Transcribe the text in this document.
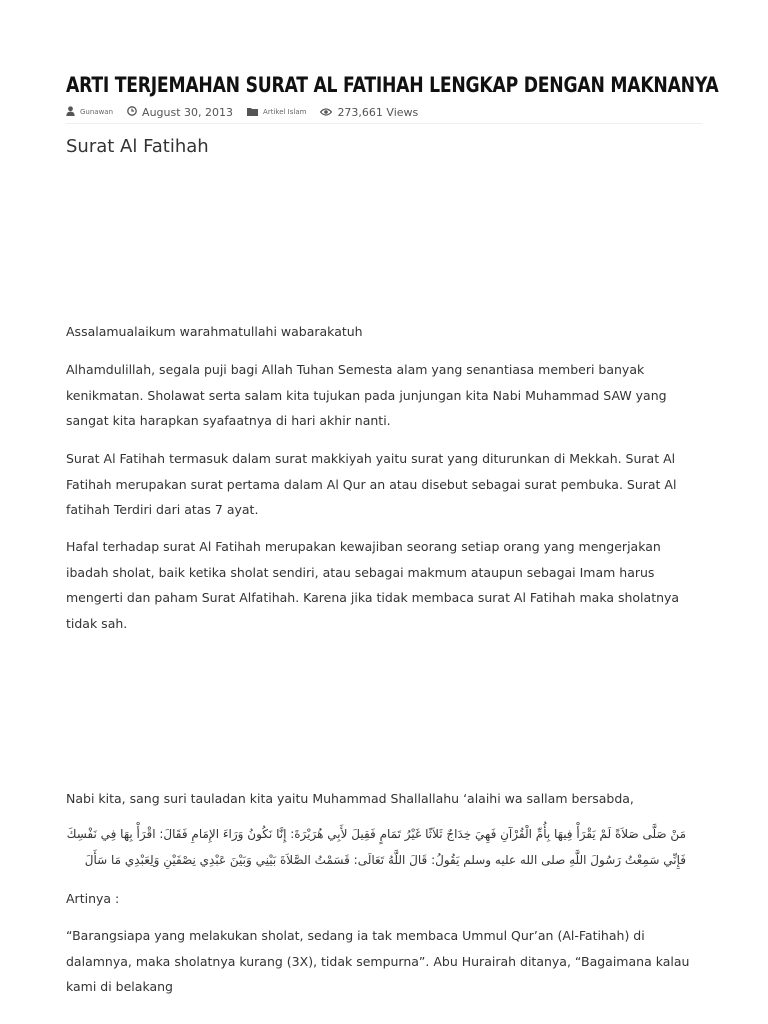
ARTI TERJEMAHAN SURAT AL FATIHAH LENGKAP DENGAN MAKNANYA
Gunawan	August 30, 2013	Artikel Islam	273,661 Views
Surat Al Fatihah

Assalamualaikum warahmatullahi wabarakatuh

Alhamdulillah, segala puji bagi Allah Tuhan Semesta alam yang senantiasa memberi banyak kenikmatan. Sholawat serta salam kita tujukan pada junjungan kita Nabi Muhammad SAW yang sangat kita harapkan syafaatnya di hari akhir nanti.

Surat Al Fatihah termasuk dalam surat makkiyah yaitu surat yang diturunkan di Mekkah. Surat Al Fatihah merupakan surat pertama dalam Al Qur an atau disebut sebagai surat pembuka. Surat Al fatihah Terdiri dari atas 7 ayat.

Hafal terhadap surat Al Fatihah merupakan kewajiban seorang setiap orang yang mengerjakan ibadah sholat, baik ketika sholat sendiri, atau sebagai makmum ataupun sebagai Imam harus mengerti dan paham Surat Alfatihah. Karena jika tidak membaca surat Al Fatihah maka sholatnya tidak sah.

Nabi kita, sang suri tauladan kita yaitu Muhammad Shallallahu ‘alaihi wa sallam bersabda,

مَنْ صَلَّى صَلاَةً لَمْ يَقْرَأْ فِيهَا بِأُمِّ الْقُرْآنِ فَهِيَ خِدَاجٌ ثَلاَثًا غَيْرُ تَمَامٍ فَقِيلَ لأَبِي هُرَيْرَةَ: إِنَّا نَكُونُ وَرَاءَ الإِمَامِ فَقَالَ: اقْرَأْ بِهَا فِي نَفْسِكَ فَإِنِّي سَمِعْتُ رَسُولَ اللَّهِ صلى الله عليه وسلم يَقُولُ: قَالَ اللَّهُ تَعَالَى: قَسَمْتُ الصَّلاَةَ بَيْنِي وَبَيْنَ عَبْدِي نِصْفَيْنِ وَلِعَبْدِي مَا سَأَلَ

Artinya :

“Barangsiapa yang melakukan sholat, sedang ia tak membaca Ummul Qur’an (Al-Fatihah) di dalamnya, maka sholatnya kurang (3X), tidak sempurna”. Abu Hurairah ditanya, “Bagaimana kalau kami di belakang
